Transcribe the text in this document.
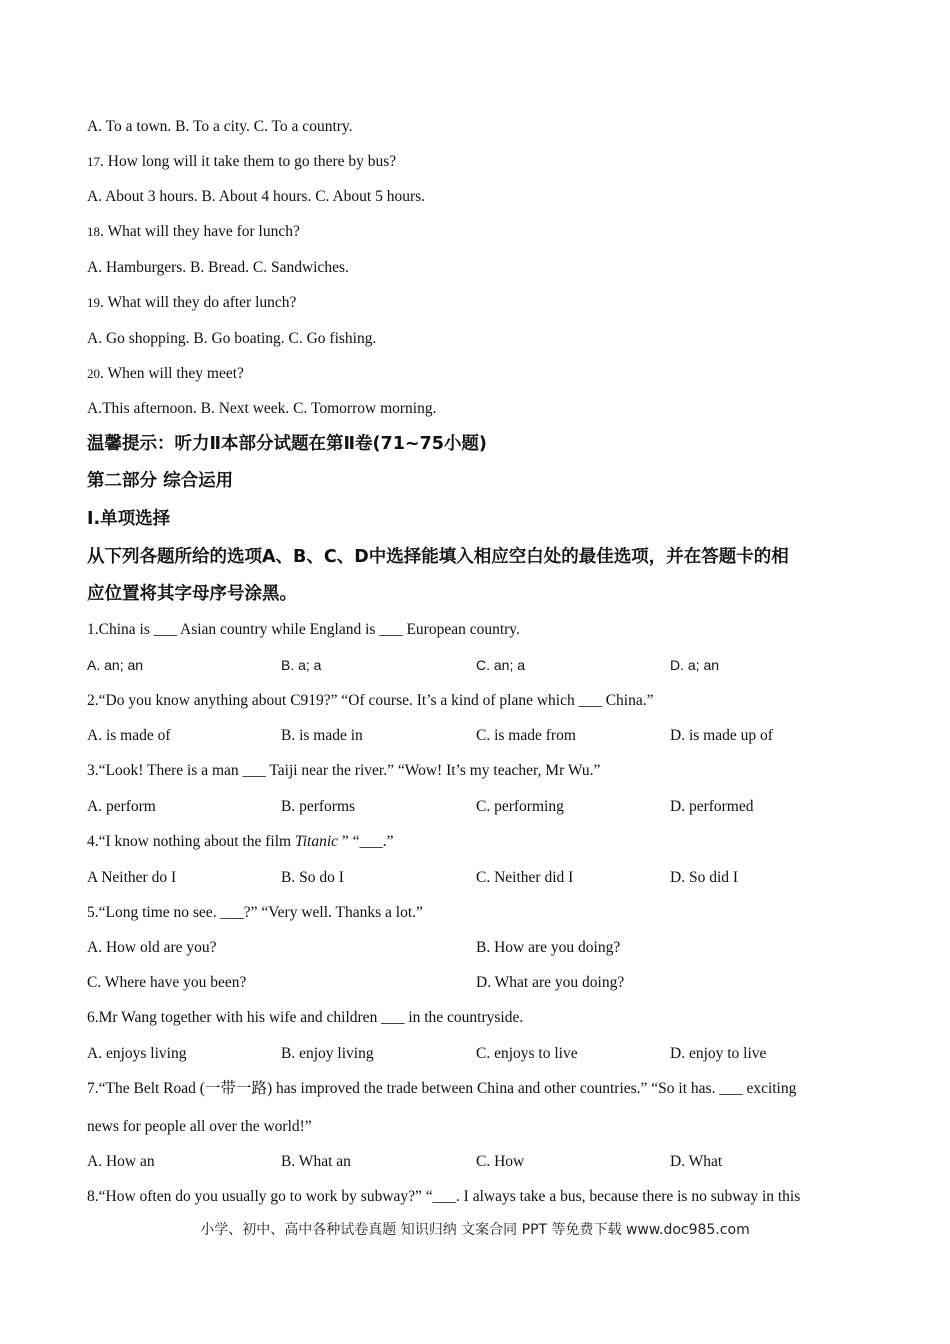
A. To a town. B. To a city. C. To a country.
17. How long will it take them to go there by bus?
A. About 3 hours. B. About 4 hours. C. About 5 hours.
18. What will they have for lunch?
A. Hamburgers. B. Bread. C. Sandwiches.
19. What will they do after lunch?
A. Go shopping. B. Go boating. C. Go fishing.
20. When will they meet?
A.This afternoon. B. Next week. C. Tomorrow morning.
温馨提示：听力Ⅱ本部分试题在第Ⅱ卷(71~75小题)
第二部分 综合运用
Ⅰ.单项选择
从下列各题所给的选项A、B、C、D中选择能填入相应空白处的最佳选项，并在答题卡的相
应位置将其字母序号涂黑。
1.China is ___ Asian country while England is ___ European country.
A. an; an	B. a; a	C. an; a	D. a; an
2.“Do you know anything about C919?” “Of course. It’s a kind of plane which ___ China.”
A. is made of	B. is made in	C. is made from	D. is made up of
3.“Look! There is a man ___ Taiji near the river.” “Wow! It’s my teacher, Mr Wu.”
A. perform	B. performs	C. performing	D. performed
4.“I know nothing about the film Titanic ” “___.”
A Neither do I	B. So do I	C. Neither did I	D. So did I
5.“Long time no see. ___?” “Very well. Thanks a lot.”
A. How old are you?	B. How are you doing?
C. Where have you been?	D. What are you doing?
6.Mr Wang together with his wife and children ___ in the countryside.
A. enjoys living	B. enjoy living	C. enjoys to live	D. enjoy to live
7.“The Belt Road (一带一路) has improved the trade between China and other countries.” “So it has. ___ exciting
news for people all over the world!”
A. How an	B. What an	C. How	D. What
8.“How often do you usually go to work by subway?” “___. I always take a bus, because there is no subway in this
小学、初中、高中各种试卷真题 知识归纳 文案合同 PPT 等免费下载 www.doc985.com
